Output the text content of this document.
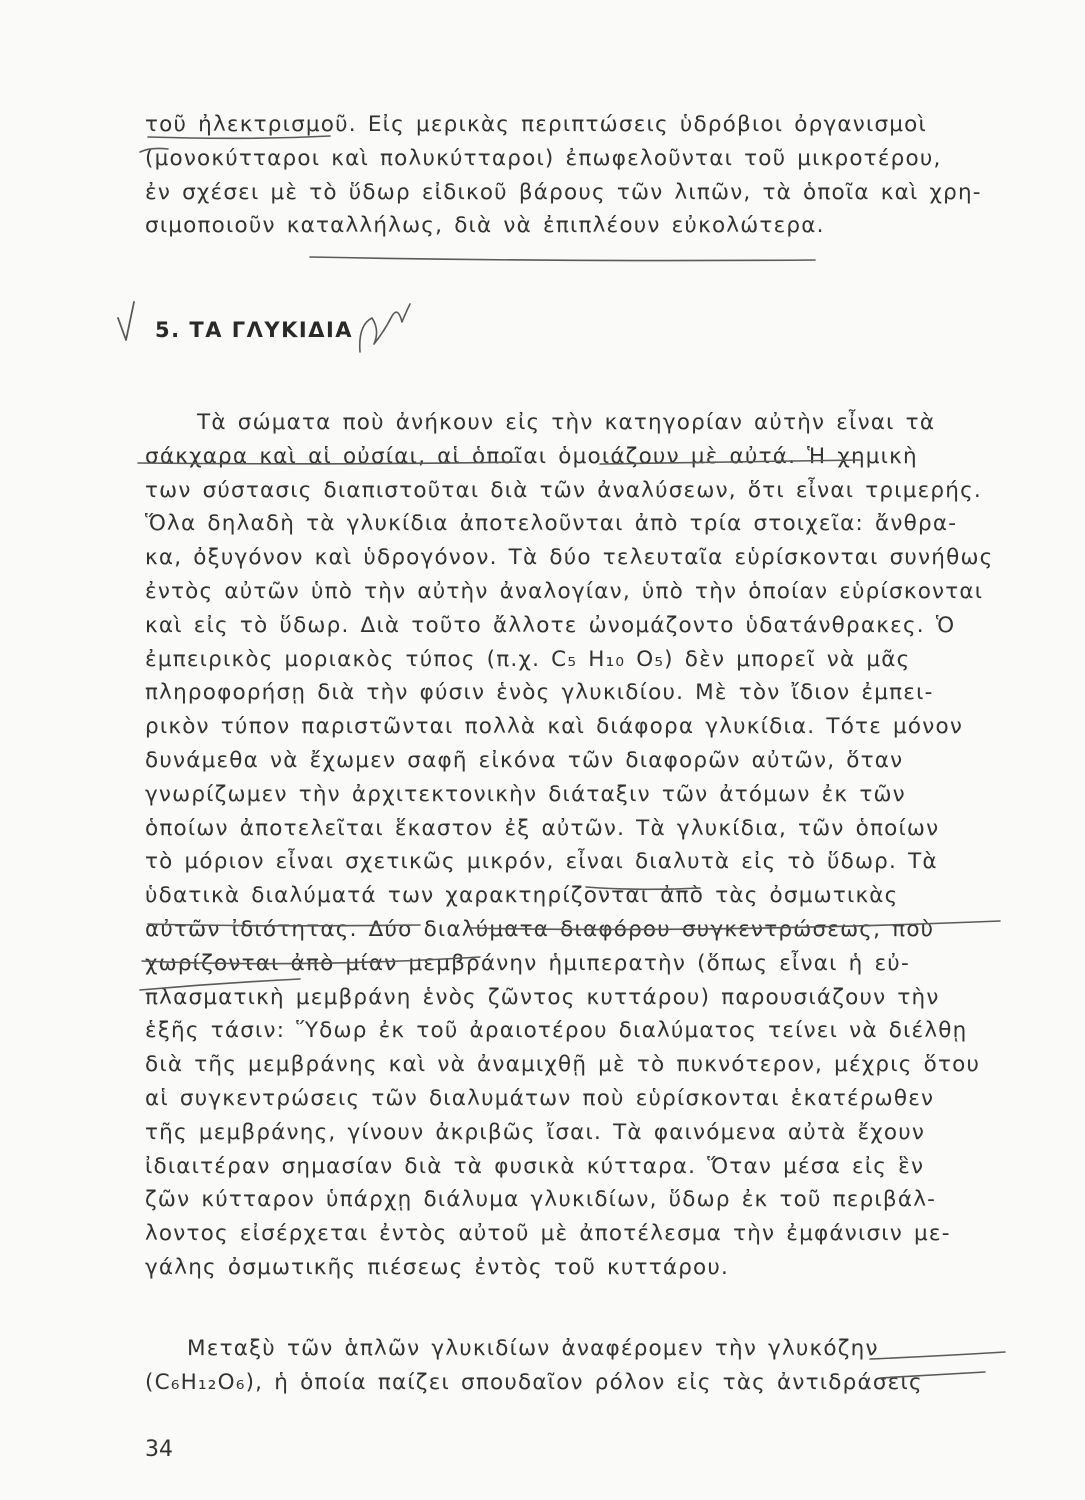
τοῦ ἠλεκτρισμοῦ. Εἰς μερικὰς περιπτώσεις ὑδρόβιοι ὀργανισμοὶ
(μονοκύτταροι καὶ πολυκύτταροι) ἐπωφελοῦνται τοῦ μικροτέρου,
ἐν σχέσει μὲ τὸ ὕδωρ εἰδικοῦ βάρους τῶν λιπῶν, τὰ ὁποῖα καὶ χρη-
σιμοποιοῦν καταλλήλως, διὰ νὰ ἐπιπλέουν εὐκολώτερα.
5. ΤΑ ΓΛΥΚΙΔΙΑ
Τὰ σώματα ποὺ ἀνήκουν εἰς τὴν κατηγορίαν αὐτὴν εἶναι τὰ
σάκχαρα καὶ αἱ οὐσίαι, αἱ ὁποῖαι ὁμοιάζουν μὲ αὐτά. Ἡ χημικὴ
των σύστασις διαπιστοῦται διὰ τῶν ἀναλύσεων, ὅτι εἶναι τριμερής.
Ὅλα δηλαδὴ τὰ γλυκίδια ἀποτελοῦνται ἀπὸ τρία στοιχεῖα: ἄνθρα-
κα, ὀξυγόνον καὶ ὑδρογόνον. Τὰ δύο τελευταῖα εὑρίσκονται συνήθως
ἐντὸς αὐτῶν ὑπὸ τὴν αὐτὴν ἀναλογίαν, ὑπὸ τὴν ὁποίαν εὑρίσκονται
καὶ εἰς τὸ ὕδωρ. Διὰ τοῦτο ἄλλοτε ὠνομάζοντο ὑδατάνθρακες. Ὁ
ἐμπειρικὸς μοριακὸς τύπος (π.χ. C₅ H₁₀ O₅) δὲν μπορεῖ νὰ μᾶς
πληροφορήσῃ διὰ τὴν φύσιν ἑνὸς γλυκιδίου. Μὲ τὸν ἴδιον ἐμπει-
ρικὸν τύπον παριστῶνται πολλὰ καὶ διάφορα γλυκίδια. Τότε μόνον
δυνάμεθα νὰ ἔχωμεν σαφῆ εἰκόνα τῶν διαφορῶν αὐτῶν, ὅταν
γνωρίζωμεν τὴν ἀρχιτεκτονικὴν διάταξιν τῶν ἀτόμων ἐκ τῶν
ὁποίων ἀποτελεῖται ἕκαστον ἐξ αὐτῶν. Τὰ γλυκίδια, τῶν ὁποίων
τὸ μόριον εἶναι σχετικῶς μικρόν, εἶναι διαλυτὰ εἰς τὸ ὕδωρ. Τὰ
ὑδατικὰ διαλύματά των χαρακτηρίζονται ἀπὸ τὰς ὀσμωτικὰς
αὐτῶν ἰδιότητας. Δύο διαλύματα διαφόρου συγκεντρώσεως, ποὺ
χωρίζονται ἀπὸ μίαν μεμβράνην ἡμιπερατὴν (ὅπως εἶναι ἡ εὐ-
πλασματικὴ μεμβράνη ἑνὸς ζῶντος κυττάρου) παρουσιάζουν τὴν
ἑξῆς τάσιν: Ὕδωρ ἐκ τοῦ ἀραιοτέρου διαλύματος τείνει νὰ διέλθῃ
διὰ τῆς μεμβράνης καὶ νὰ ἀναμιχθῇ μὲ τὸ πυκνότερον, μέχρις ὅτου
αἱ συγκεντρώσεις τῶν διαλυμάτων ποὺ εὑρίσκονται ἑκατέρωθεν
τῆς μεμβράνης, γίνουν ἀκριβῶς ἴσαι. Τὰ φαινόμενα αὐτὰ ἔχουν
ἰδιαιτέραν σημασίαν διὰ τὰ φυσικὰ κύτταρα. Ὅταν μέσα εἰς ἓν
ζῶν κύτταρον ὑπάρχῃ διάλυμα γλυκιδίων, ὕδωρ ἐκ τοῦ περιβάλ-
λοντος εἰσέρχεται ἐντὸς αὐτοῦ μὲ ἀποτέλεσμα τὴν ἐμφάνισιν με-
γάλης ὀσμωτικῆς πιέσεως ἐντὸς τοῦ κυττάρου.
Μεταξὺ τῶν ἁπλῶν γλυκιδίων ἀναφέρομεν τὴν γλυκόζην
(C₆H₁₂O₆), ἡ ὁποία παίζει σπουδαῖον ρόλον εἰς τὰς ἀντιδράσεις
34
